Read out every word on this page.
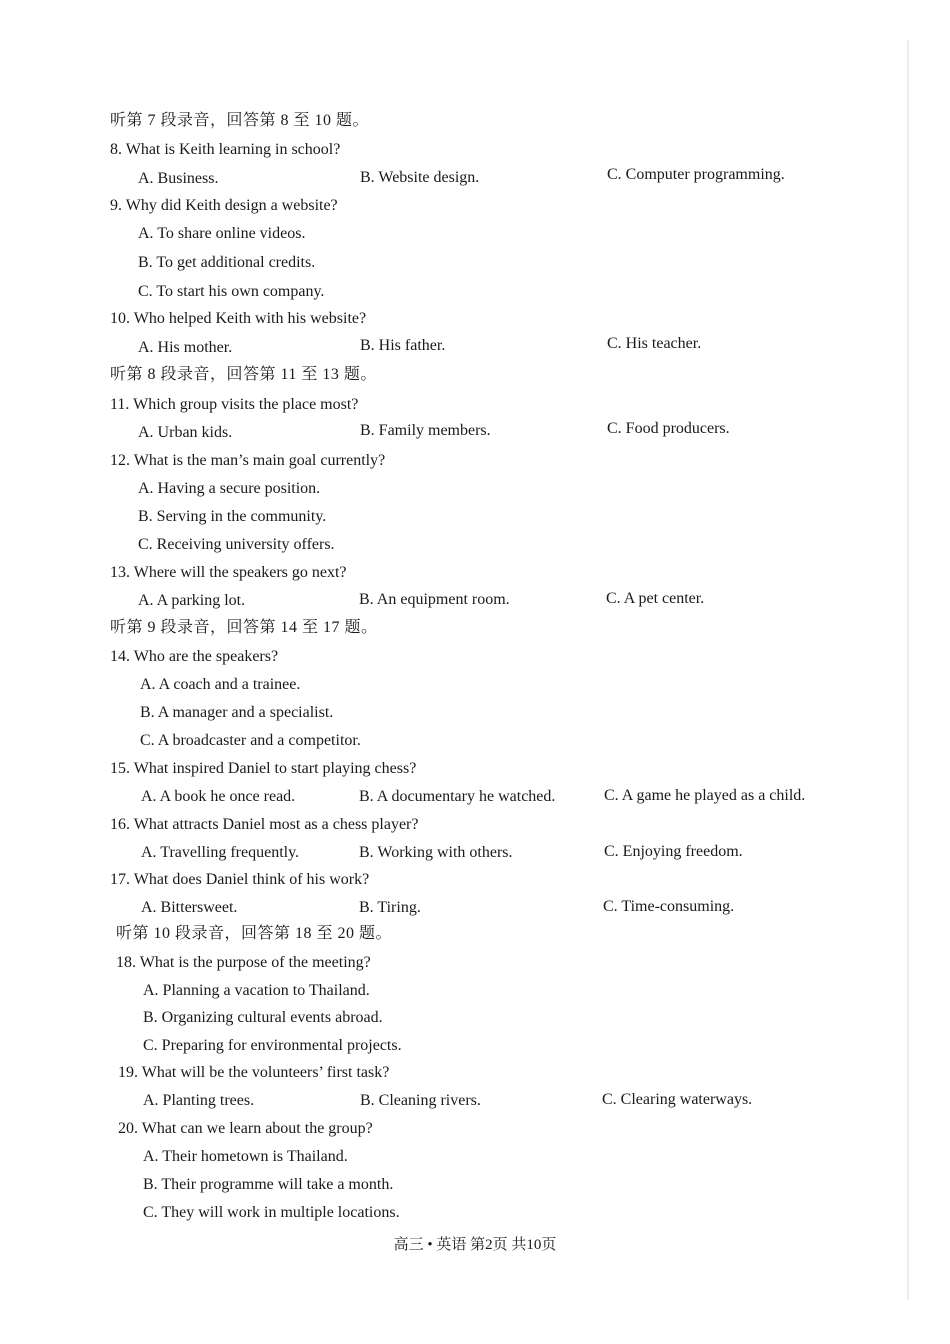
听第 7 段录音，回答第 8 至 10 题。
8. What is Keith learning in school?
A. Business.	B. Website design.	C. Computer programming.
9. Why did Keith design a website?
A. To share online videos.
B. To get additional credits.
C. To start his own company.
10. Who helped Keith with his website?
A. His mother.	B. His father.	C. His teacher.
听第 8 段录音，回答第 11 至 13 题。
11. Which group visits the place most?
A. Urban kids.	B. Family members.	C. Food producers.
12. What is the man’s main goal currently?
A. Having a secure position.
B. Serving in the community.
C. Receiving university offers.
13. Where will the speakers go next?
A. A parking lot.	B. An equipment room.	C. A pet center.
听第 9 段录音，回答第 14 至 17 题。
14. Who are the speakers?
A. A coach and a trainee.
B. A manager and a specialist.
C. A broadcaster and a competitor.
15. What inspired Daniel to start playing chess?
A. A book he once read.	B. A documentary he watched.	C. A game he played as a child.
16. What attracts Daniel most as a chess player?
A. Travelling frequently.	B. Working with others.	C. Enjoying freedom.
17. What does Daniel think of his work?
A. Bittersweet.	B. Tiring.	C. Time-consuming.
听第 10 段录音，回答第 18 至 20 题。
18. What is the purpose of the meeting?
A. Planning a vacation to Thailand.
B. Organizing cultural events abroad.
C. Preparing for environmental projects.
19. What will be the volunteers’ first task?
A. Planting trees.	B. Cleaning rivers.	C. Clearing waterways.
20. What can we learn about the group?
A. Their hometown is Thailand.
B. Their programme will take a month.
C. They will work in multiple locations.
高三 • 英语 第2页 共10页
